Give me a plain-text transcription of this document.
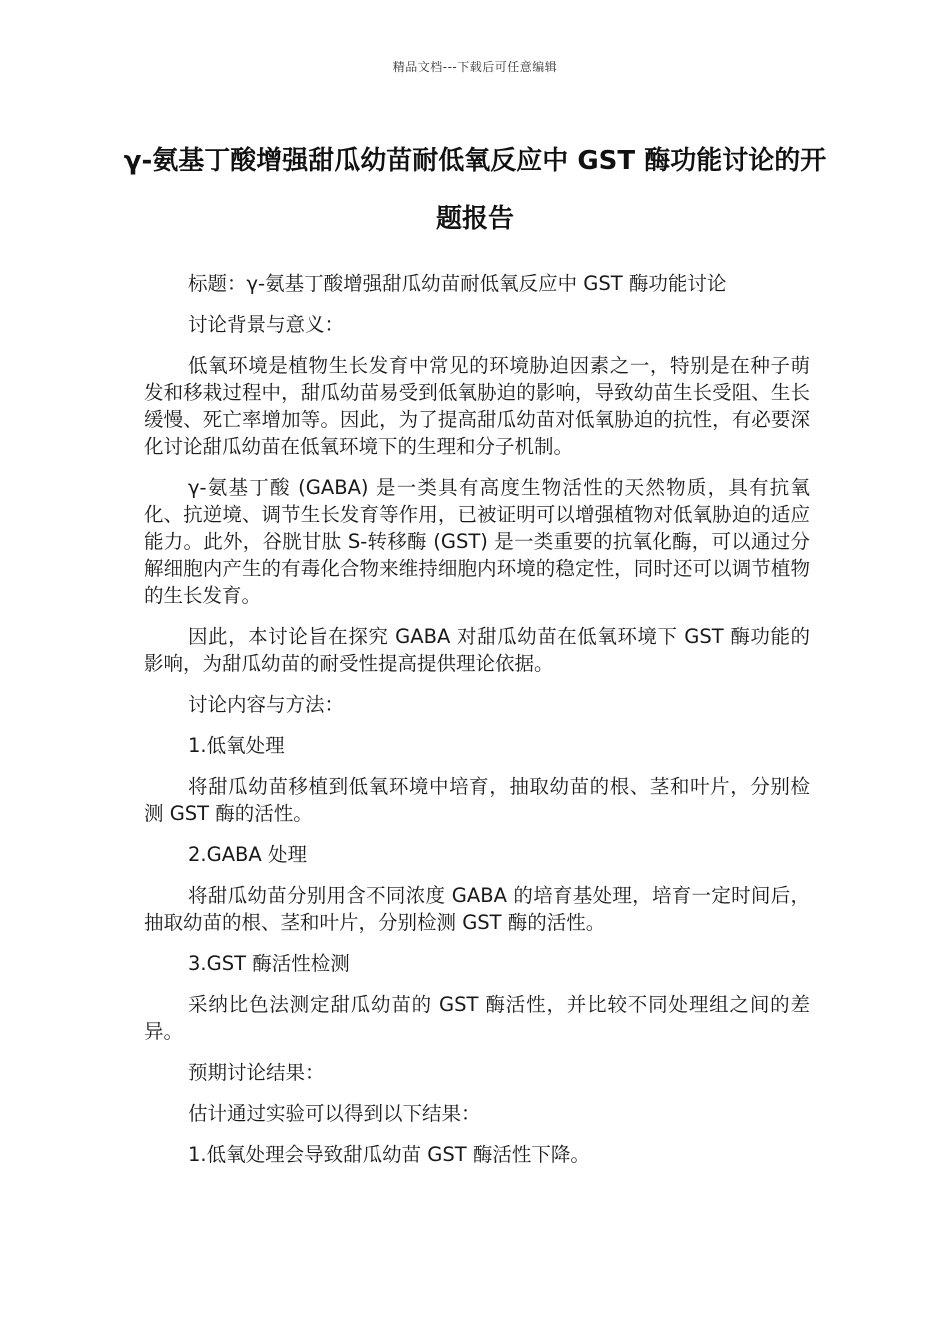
精品文档---下载后可任意编辑
γ-氨基丁酸增强甜瓜幼苗耐低氧反应中 GST 酶功能讨论的开题报告

标题：γ-氨基丁酸增强甜瓜幼苗耐低氧反应中 GST 酶功能讨论

讨论背景与意义：

低氧环境是植物生长发育中常见的环境胁迫因素之一，特别是在种子萌发和移栽过程中，甜瓜幼苗易受到低氧胁迫的影响，导致幼苗生长受阻、生长缓慢、死亡率增加等。因此，为了提高甜瓜幼苗对低氧胁迫的抗性，有必要深化讨论甜瓜幼苗在低氧环境下的生理和分子机制。

γ-氨基丁酸 (GABA) 是一类具有高度生物活性的天然物质，具有抗氧化、抗逆境、调节生长发育等作用，已被证明可以增强植物对低氧胁迫的适应能力。此外，谷胱甘肽 S-转移酶 (GST) 是一类重要的抗氧化酶，可以通过分解细胞内产生的有毒化合物来维持细胞内环境的稳定性，同时还可以调节植物的生长发育。

因此，本讨论旨在探究 GABA 对甜瓜幼苗在低氧环境下 GST 酶功能的影响，为甜瓜幼苗的耐受性提高提供理论依据。

讨论内容与方法：

1.低氧处理

将甜瓜幼苗移植到低氧环境中培育，抽取幼苗的根、茎和叶片，分别检测 GST 酶的活性。

2.GABA 处理

将甜瓜幼苗分别用含不同浓度 GABA 的培育基处理，培育一定时间后，抽取幼苗的根、茎和叶片，分别检测 GST 酶的活性。

3.GST 酶活性检测

采纳比色法测定甜瓜幼苗的 GST 酶活性，并比较不同处理组之间的差异。

预期讨论结果：

估计通过实验可以得到以下结果：

1.低氧处理会导致甜瓜幼苗 GST 酶活性下降。
